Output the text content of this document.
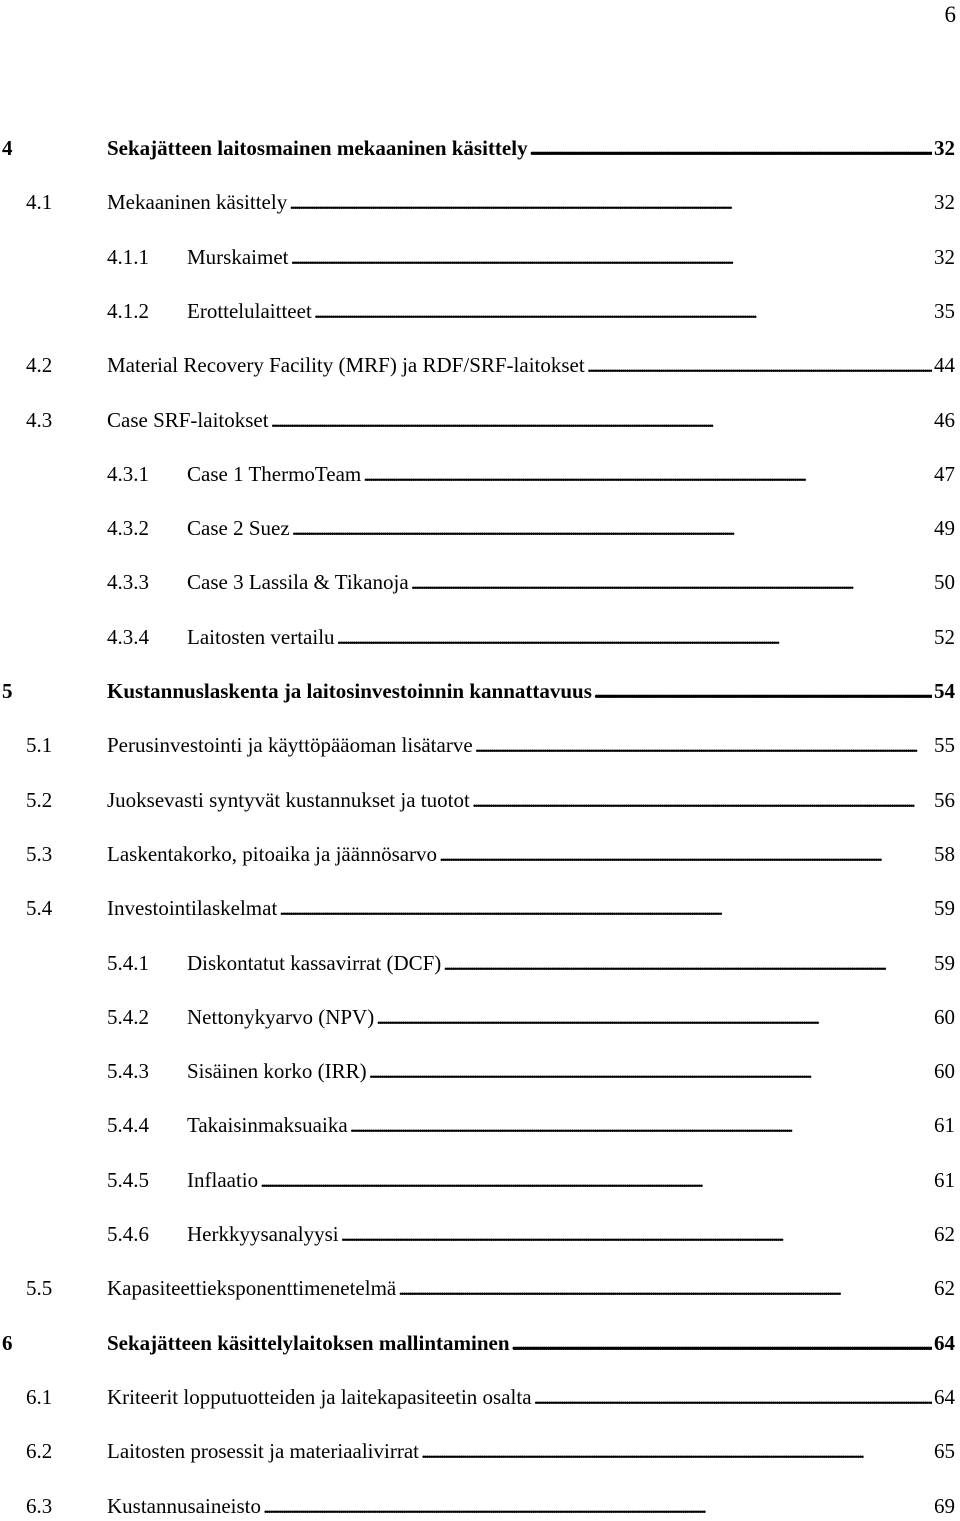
6
4	Sekajätteen laitosmainen mekaaninen käsittely . . .	32
4.1	Mekaaninen käsittely . . .	32
4.1.1 Murskaimet . . .	32
4.1.2 Erottelulaitteet . . .	35
4.2	Material Recovery Facility (MRF) ja RDF/SRF-laitokset . . .	44
4.3	Case SRF-laitokset . . .	46
4.3.1 Case 1 ThermoTeam . . .	47
4.3.2 Case 2 Suez . . .	49
4.3.3 Case 3 Lassila & Tikanoja . . .	50
4.3.4 Laitosten vertailu . . .	52
5	Kustannuslaskenta ja laitosinvestoinnin kannattavuus . . .	54
5.1	Perusinvestointi ja käyttöpääoman lisätarve . . .	55
5.2	Juoksevasti syntyvät kustannukset ja tuotot . . .	56
5.3	Laskentakorko, pitoaika ja jäännösarvo . . .	58
5.4	Investointilaskelmat . . .	59
5.4.1 Diskontatut kassavirrat (DCF) . . .	59
5.4.2 Nettonykyarvo (NPV) . . .	60
5.4.3 Sisäinen korko (IRR) . . .	60
5.4.4 Takaisinmaksuaika . . .	61
5.4.5 Inflaatio . . .	61
5.4.6 Herkkyysanalyysi . . .	62
5.5	Kapasiteettieksponenttimenetelmä . . .	62
6	Sekajätteen käsittelylaitoksen mallintaminen . . .	64
6.1	Kriteerit lopputuotteiden ja laitekapasiteetin osalta . . .	64
6.2	Laitosten prosessit ja materiaalivirrat . . .	65
6.3	Kustannusaineisto . . .	69
